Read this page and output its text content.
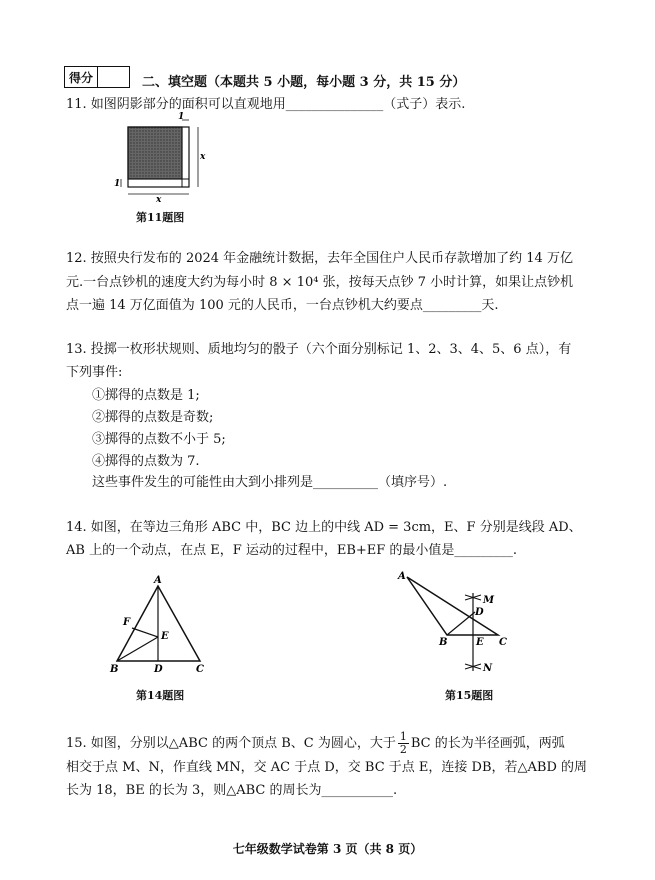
得分	二、填空题（本题共 5 小题，每小题 3 分，共 15 分）
11. 如图阴影部分的面积可以直观地用_______________（式子）表示.
1
x
1
x
第11题图
12. 按照央行发布的 2024 年金融统计数据，去年全国住户人民币存款增加了约 14 万亿
元.一台点钞机的速度大约为每小时 8 × 10⁴ 张，按每天点钞 7 小时计算，如果让点钞机
点一遍 14 万亿面值为 100 元的人民币，一台点钞机大约要点_________天.
13. 投掷一枚形状规则、质地均匀的骰子（六个面分别标记 1、2、3、4、5、6 点），有
下列事件:
①掷得的点数是 1;
②掷得的点数是奇数;
③掷得的点数不小于 5;
④掷得的点数为 7.
这些事件发生的可能性由大到小排列是__________（填序号）.
14. 如图，在等边三角形 ABC 中，BC 边上的中线 AD = 3cm，E、F 分别是线段 AD、
AB 上的一个动点，在点 E，F 运动的过程中，EB+EF 的最小值是_________.
A
F
E
B	D	C
第14题图
A
M
D
B	E C
N
第15题图
15. 如图，分别以△ABC 的两个顶点 B、C 为圆心，大于 $\frac{1}{2}$ BC 的长为半径画弧，两弧
相交于点 M、N，作直线 MN，交 AC 于点 D，交 BC 于点 E，连接 DB，若△ABD 的周
长为 18，BE 的长为 3，则△ABC 的周长为___________.
七年级数学试卷第 3 页（共 8 页）
